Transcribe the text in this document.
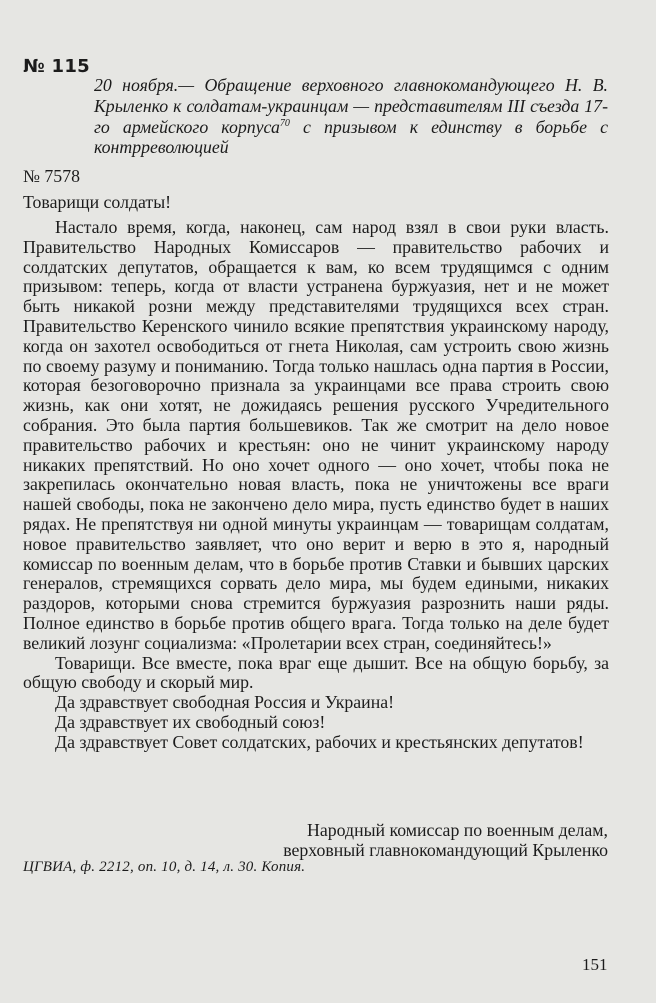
№ 115

20 ноября.— Обращение верховного главнокомандующего Н. В. Крыленко к солдатам-украинцам — представителям III съезда 17-го армейского корпуса$^{70}$ с призывом к единству в борьбе с контрреволюцией

№ 7578
Товарищи солдаты!

Настало время, когда, наконец, сам народ взял в свои руки власть. Правительство Народных Комиссаров — правительство рабочих и солдатских депутатов, обращается к вам, ко всем трудящимся с одним призывом: теперь, когда от власти устранена буржуазия, нет и не может быть никакой розни между представителями трудящихся всех стран. Правительство Керенского чинило всякие препятствия украинскому народу, когда он захотел освободиться от гнета Николая, сам устроить свою жизнь по своему разуму и пониманию. Тогда только нашлась одна партия в России, которая безоговорочно признала за украинцами все права строить свою жизнь, как они хотят, не дожидаясь решения русского Учредительного собрания. Это была партия большевиков. Так же смотрит на дело новое правительство рабочих и крестьян: оно не чинит украинскому народу никаких препятствий. Но оно хочет одного — оно хочет, чтобы пока не закрепилась окончательно новая власть, пока не уничтожены все враги нашей свободы, пока не закончено дело мира, пусть единство будет в наших рядах. Не препятствуя ни одной минуты украинцам — товарищам солдатам, новое правительство заявляет, что оно верит и верю в это я, народный комиссар по военным делам, что в борьбе против Ставки и бывших царских генералов, стремящихся сорвать дело мира, мы будем едиными, никаких раздоров, которыми снова стремится буржуазия разрознить наши ряды. Полное единство в борьбе против общего врага. Тогда только на деле будет великий лозунг социализма: «Пролетарии всех стран, соединяйтесь!»

Товарищи. Все вместе, пока враг еще дышит. Все на общую борьбу, за общую свободу и скорый мир.

Да здравствует свободная Россия и Украина!

Да здравствует их свободный союз!

Да здравствует Совет солдатских, рабочих и крестьянских депутатов!

Народный комиссар по военным делам,
верховный главнокомандующий Крыленко
ЦГВИА, ф. 2212, оп. 10, д. 14, л. 30. Копия.
151
